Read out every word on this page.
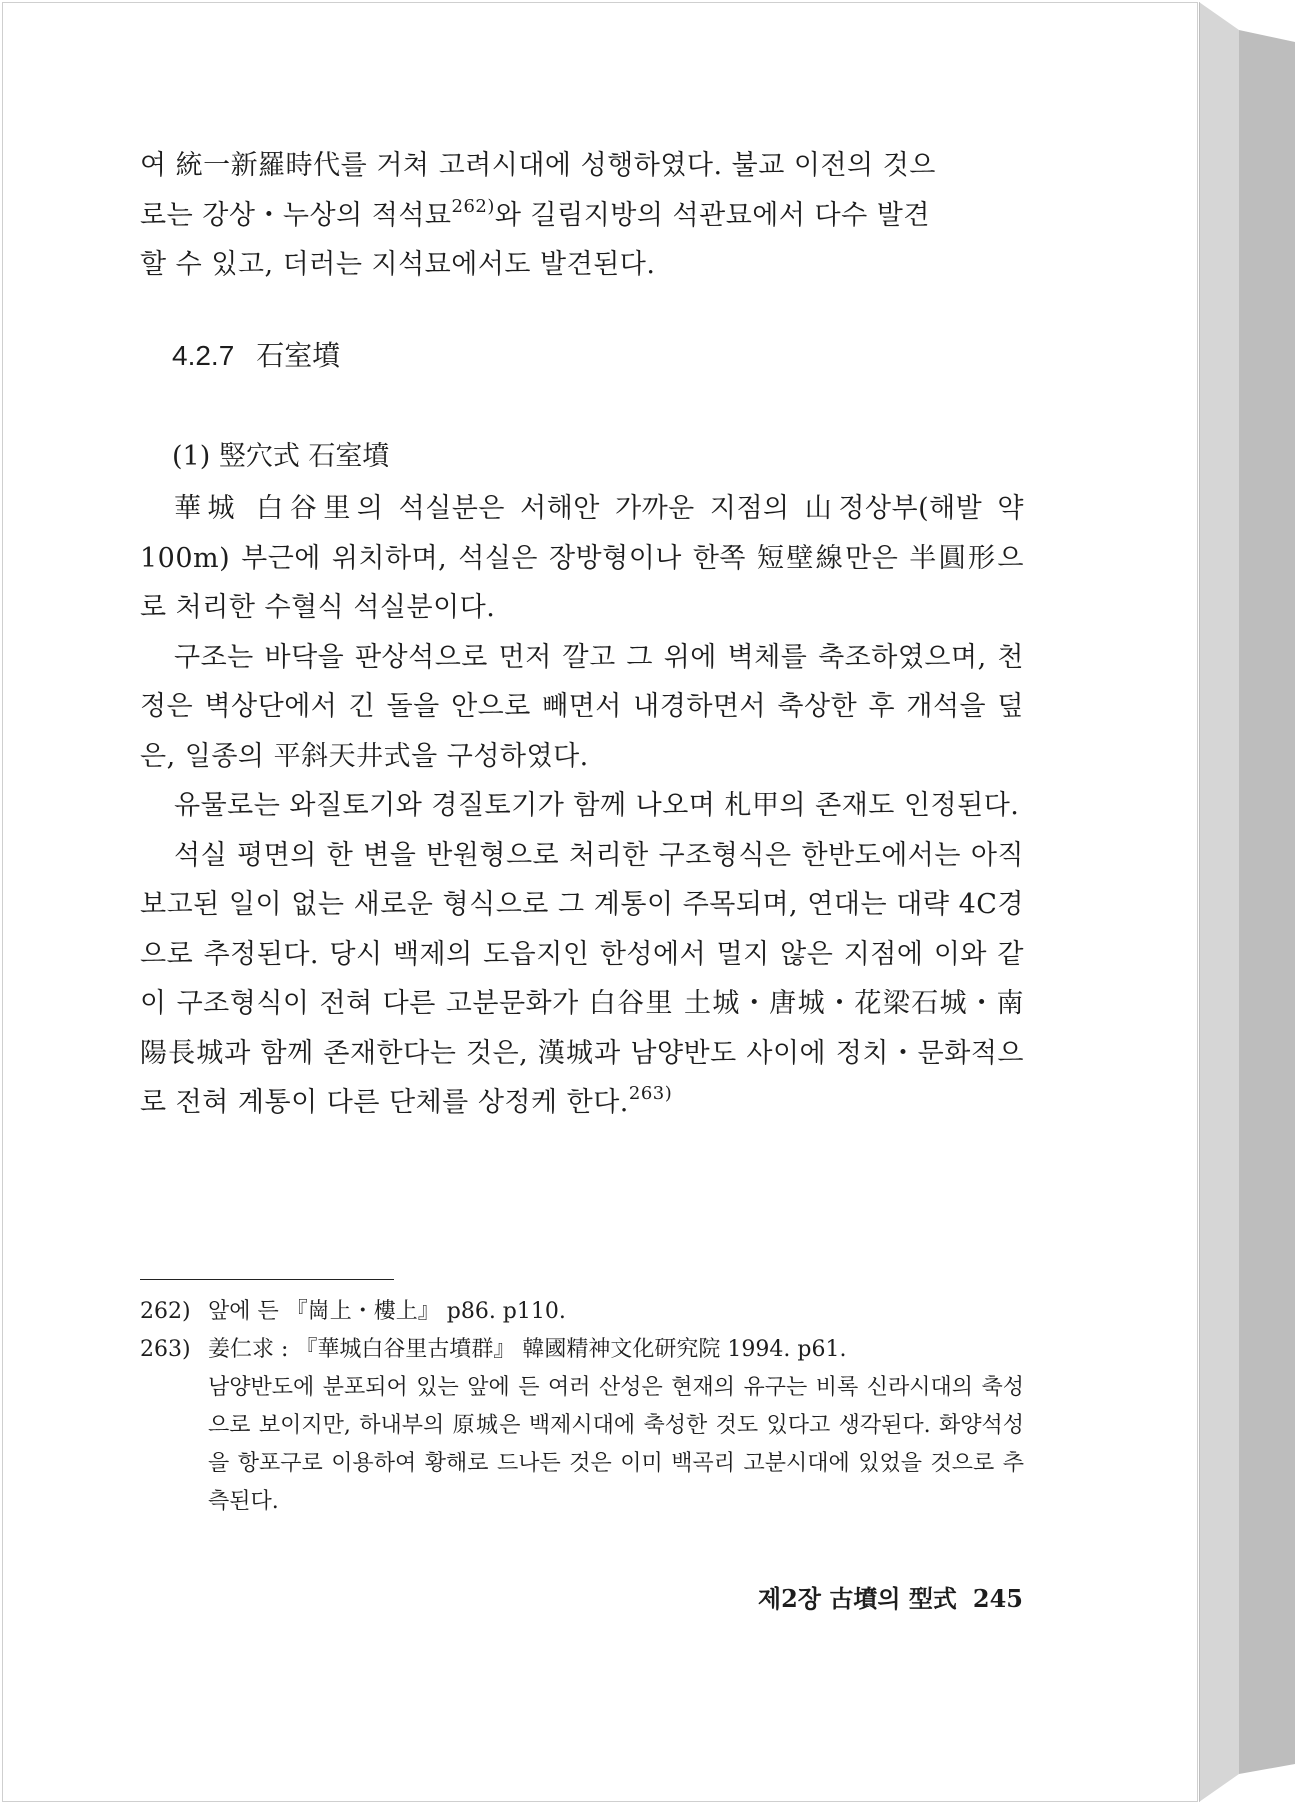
여 統一新羅時代를 거쳐 고려시대에 성행하였다. 불교 이전의 것으
로는 강상・누상의 적석묘$^{262)}$와 길림지방의 석관묘에서 다수 발견
할 수 있고, 더러는 지석묘에서도 발견된다.

4.2.7 石室墳
(1) 竪穴式 石室墳

華城 白谷里의 석실분은 서해안 가까운 지점의 山정상부(해발 약 100m) 부근에 위치하며, 석실은 장방형이나 한쪽 短壁線만은 半圓形으로 처리한 수혈식 석실분이다.

구조는 바닥을 판상석으로 먼저 깔고 그 위에 벽체를 축조하였으며, 천정은 벽상단에서 긴 돌을 안으로 빼면서 내경하면서 축상한 후 개석을 덮은, 일종의 平斜天井式을 구성하였다.

유물로는 와질토기와 경질토기가 함께 나오며 札甲의 존재도 인정된다.

석실 평면의 한 변을 반원형으로 처리한 구조형식은 한반도에서는 아직 보고된 일이 없는 새로운 형식으로 그 계통이 주목되며, 연대는 대략 4C경으로 추정된다. 당시 백제의 도읍지인 한성에서 멀지 않은 지점에 이와 같이 구조형식이 전혀 다른 고분문화가 白谷里 土城・唐城・花梁石城・南陽長城과 함께 존재한다는 것은, 漢城과 남양반도 사이에 정치・문화적으로 전혀 계통이 다른 단체를 상정케 한다.$^{263)}$

262) 앞에 든 『崗上・樓上』 p86. p110.
263) 姜仁求 : 『華城白谷里古墳群』 韓國精神文化研究院 1994. p61.
남양반도에 분포되어 있는 앞에 든 여러 산성은 현재의 유구는 비록 신라시대의 축성으로 보이지만, 하내부의 原城은 백제시대에 축성한 것도 있다고 생각된다. 화양석성을 항포구로 이용하여 황해로 드나든 것은 이미 백곡리 고분시대에 있었을 것으로 추측된다.
제2장 古墳의 型式 245
